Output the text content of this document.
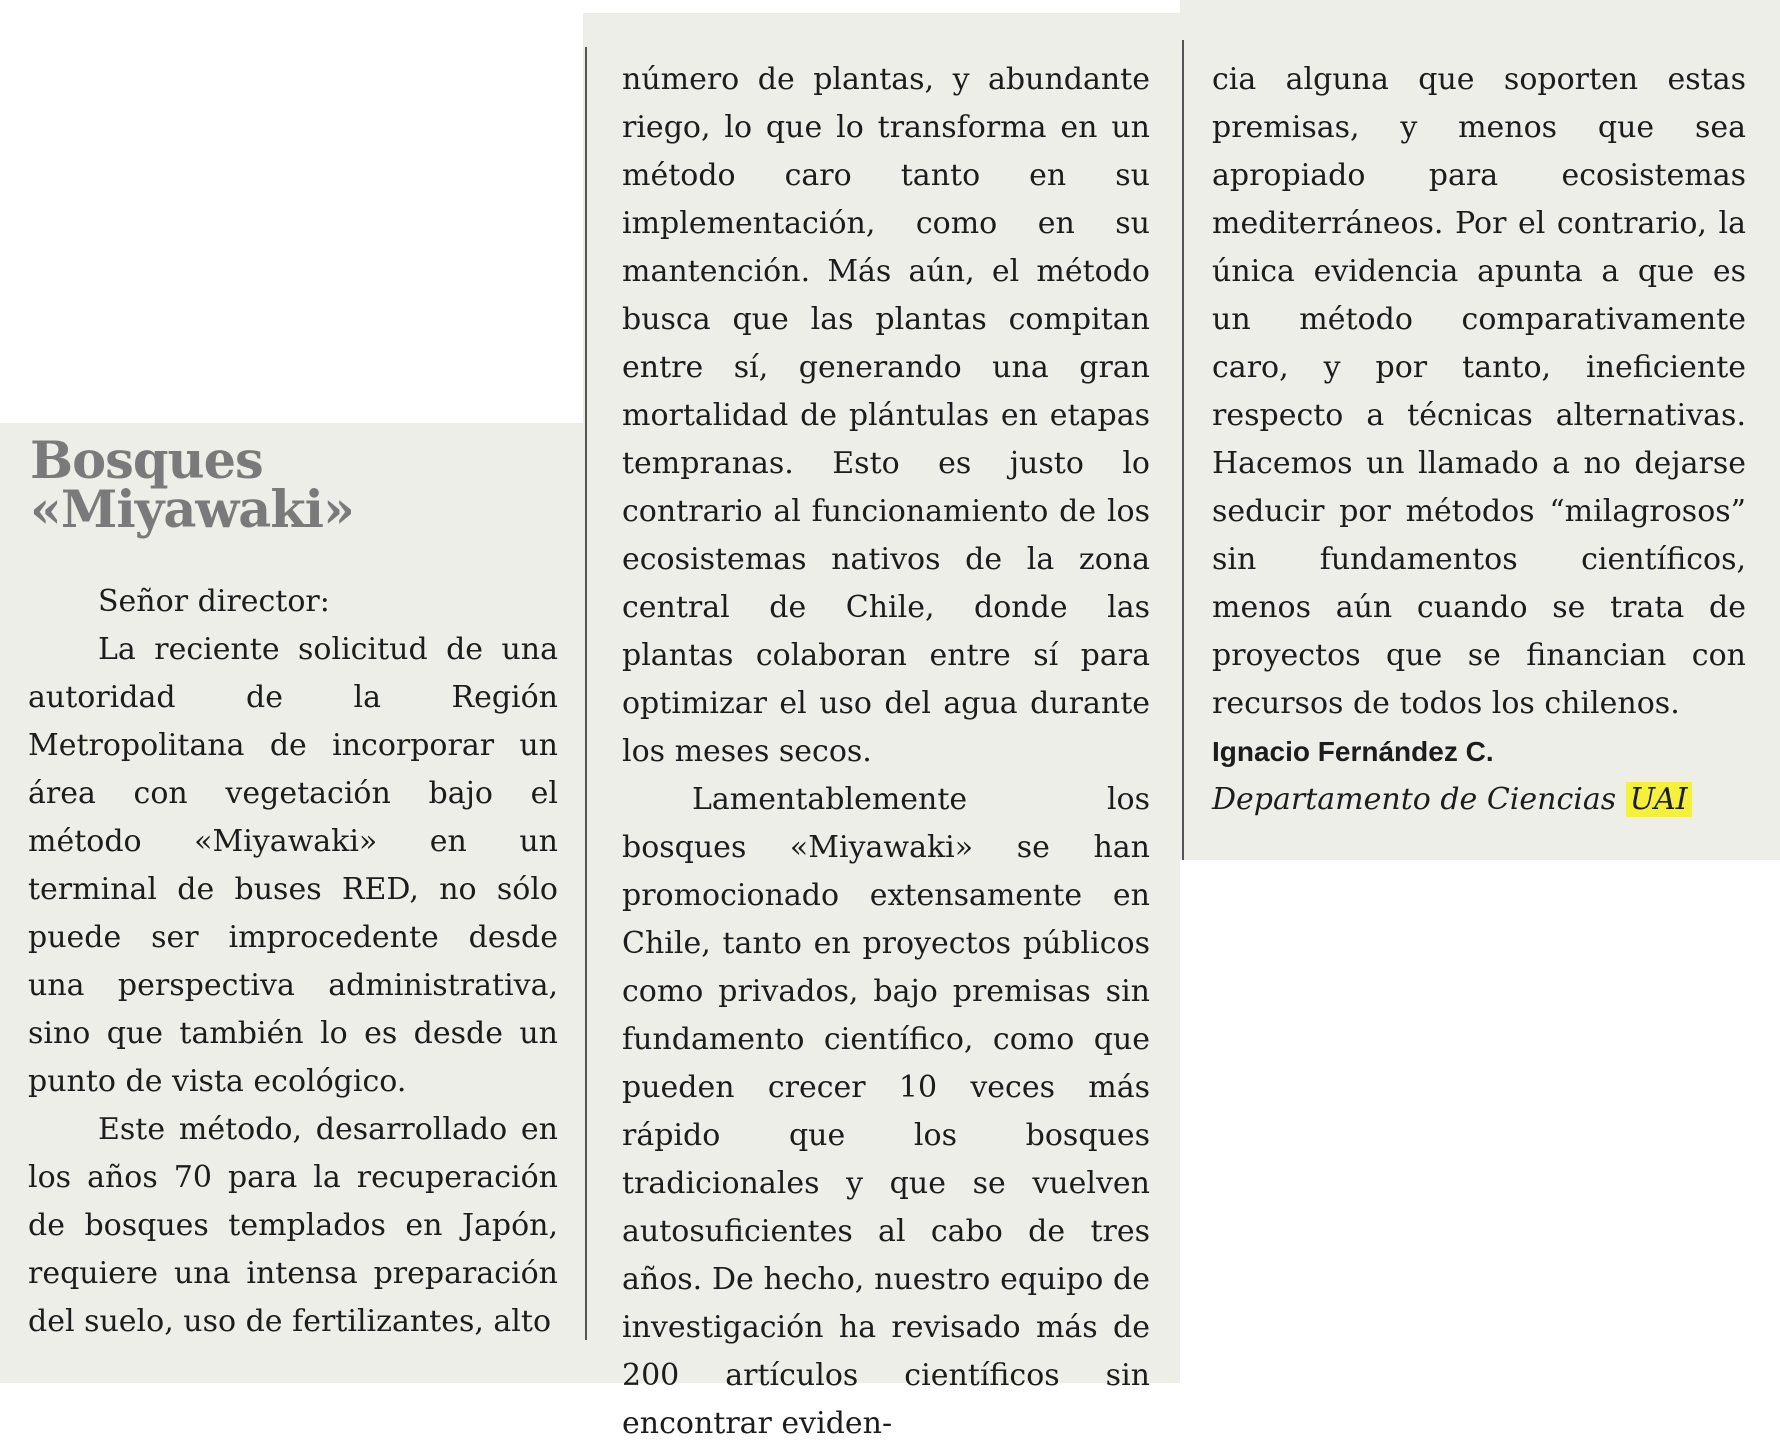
Bosques
«Miyawaki»

Señor director:

La reciente solicitud de una autoridad de la Región Metropolitana de incorporar un área con vegetación bajo el método «Miyawaki» en un terminal de buses RED, no sólo puede ser improcedente desde una perspectiva administrativa, sino que también lo es desde un punto de vista ecológico.

Este método, desarrollado en los años 70 para la recuperación de bosques templados en Japón, requiere una intensa preparación del suelo, uso de fertilizantes, alto

número de plantas, y abundante riego, lo que lo transforma en un método caro tanto en su implementación, como en su mantención. Más aún, el método busca que las plantas compitan entre sí, generando una gran mortalidad de plántulas en etapas tempranas. Esto es justo lo contrario al funcionamiento de los ecosistemas nativos de la zona central de Chile, donde las plantas colaboran entre sí para optimizar el uso del agua durante los meses secos.

Lamentablemente los bosques «Miyawaki» se han promocionado extensamente en Chile, tanto en proyectos públicos como privados, bajo premisas sin fundamento científico, como que pueden crecer 10 veces más rápido que los bosques tradicionales y que se vuelven autosuficientes al cabo de tres años. De hecho, nuestro equipo de investigación ha revisado más de 200 artículos científicos sin encontrar eviden-

cia alguna que soporten estas premisas, y menos que sea apropiado para ecosistemas mediterráneos. Por el contrario, la única evidencia apunta a que es un método comparativamente caro, y por tanto, ineficiente respecto a técnicas alternativas. Hacemos un llamado a no dejarse seducir por métodos “milagrosos” sin fundamentos científicos, menos aún cuando se trata de proyectos que se financian con recursos de todos los chilenos.

Ignacio Fernández C.

Departamento de Ciencias UAI
